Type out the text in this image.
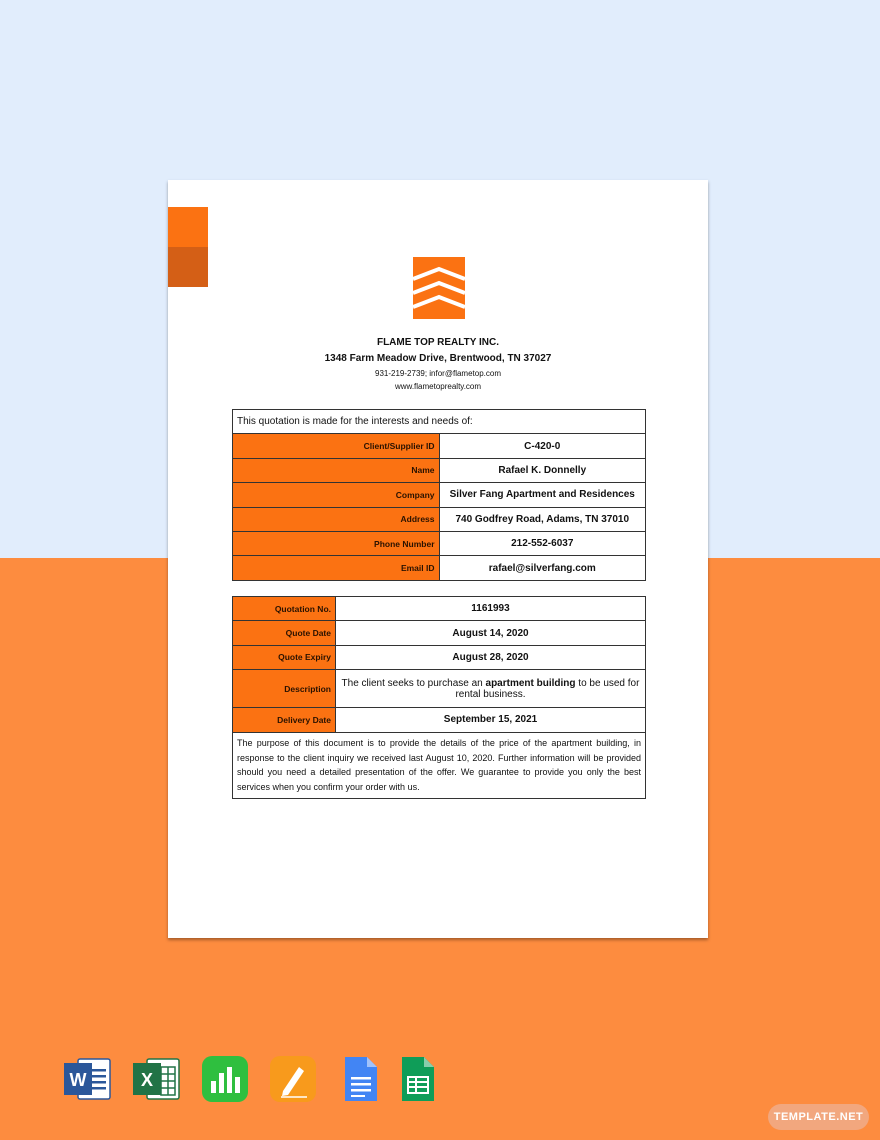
FLAME TOP REALTY INC.
1348 Farm Meadow Drive, Brentwood, TN 37027
931-219-2739; infor@flametop.com
www.flametoprealty.com
This quotation is made for the interests and needs of:	
Client/Supplier ID	C-420-0
Name	Rafael K. Donnelly
Company	Silver Fang Apartment and Residences
Address	740 Godfrey Road, Adams, TN 37010
Phone Number	212-552-6037
Email ID	rafael@silverfang.com
Quotation No.	1161993
Quote Date	August 14, 2020
Quote Expiry	August 28, 2020
Description	The client seeks to purchase an apartment building to be used for rental business.
Delivery Date	September 15, 2021
The purpose of this document is to provide the details of the price of the apartment building, in response to the client inquiry we received last August 10, 2020. Further information will be provided should you need a detailed presentation of the offer. We guarantee to provide you only the best services when you confirm your order with us.	
W	X
TEMPLATE.NET
